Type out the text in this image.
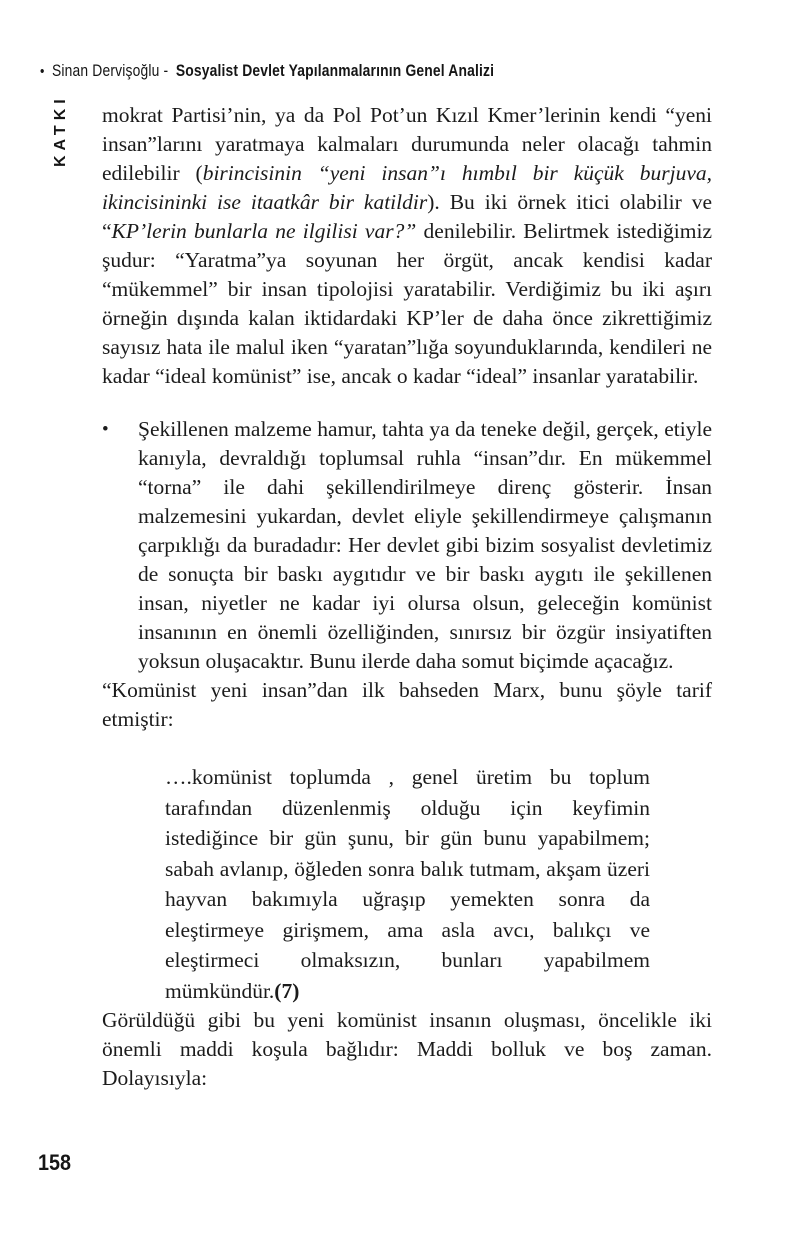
• Sinan Dervişoğlu - Sosyalist Devlet Yapılanmalarının Genel Analizi
KATKI mokrat Partisi’nin, ya da Pol Pot’un Kızıl Kmer’lerinin kendi “yeni insan”larını yaratmaya kalmaları durumunda neler olacağı tahmin edilebilir (birincisinin “yeni insan”ı hımbıl bir küçük burjuva, ikincisininki ise itaatkâr bir katildir). Bu iki örnek itici olabilir ve “KP’lerin bunlarla ne ilgilisi var?” denilebilir. Belirtmek istediğimiz şudur: “Yaratma”ya soyunan her örgüt, ancak kendisi kadar “mükemmel” bir insan tipolojisi yaratabilir. Verdiğimiz bu iki aşırı örneğin dışında kalan iktidardaki KP’ler de daha önce zikrettiğimiz sayısız hata ile malul iken “yaratan”lığa soyunduklarında, kendileri ne kadar “ideal komünist” ise, ancak o kadar “ideal” insanlar yaratabilir.

•	Şekillenen malzeme hamur, tahta ya da teneke değil, gerçek, etiyle kanıyla, devraldığı toplumsal ruhla “insan”dır. En mükemmel “torna” ile dahi şekillendirilmeye direnç gösterir. İnsan malzemesini yukardan, devlet eliyle şekillendirmeye çalışmanın çarpıklığı da buradadır: Her devlet gibi bizim sosyalist devletimiz de sonuçta bir baskı aygıtıdır ve bir baskı aygıtı ile şekillenen insan, niyetler ne kadar iyi olursa olsun, geleceğin komünist insanının en önemli özelliğinden, sınırsız bir özgür insiyatiften yoksun oluşacaktır. Bunu ilerde daha somut biçimde açacağız.

“Komünist yeni insan”dan ilk bahseden Marx, bunu şöyle tarif etmiştir:

….komünist toplumda , genel üretim bu toplum tarafından düzenlenmiş olduğu için keyfimin istediğince bir gün şunu, bir gün bunu yapabilmem; sabah avlanıp, öğleden sonra balık tutmam, akşam üzeri hayvan bakımıyla uğraşıp yemekten sonra da eleştirmeye girişmem, ama asla avcı, balıkçı ve eleştirmeci olmaksızın, bunları yapabilmem mümkündür.(7)

Görüldüğü gibi bu yeni komünist insanın oluşması, öncelikle iki önemli maddi koşula bağlıdır: Maddi bolluk ve boş zaman. Dolayısıyla:

158
